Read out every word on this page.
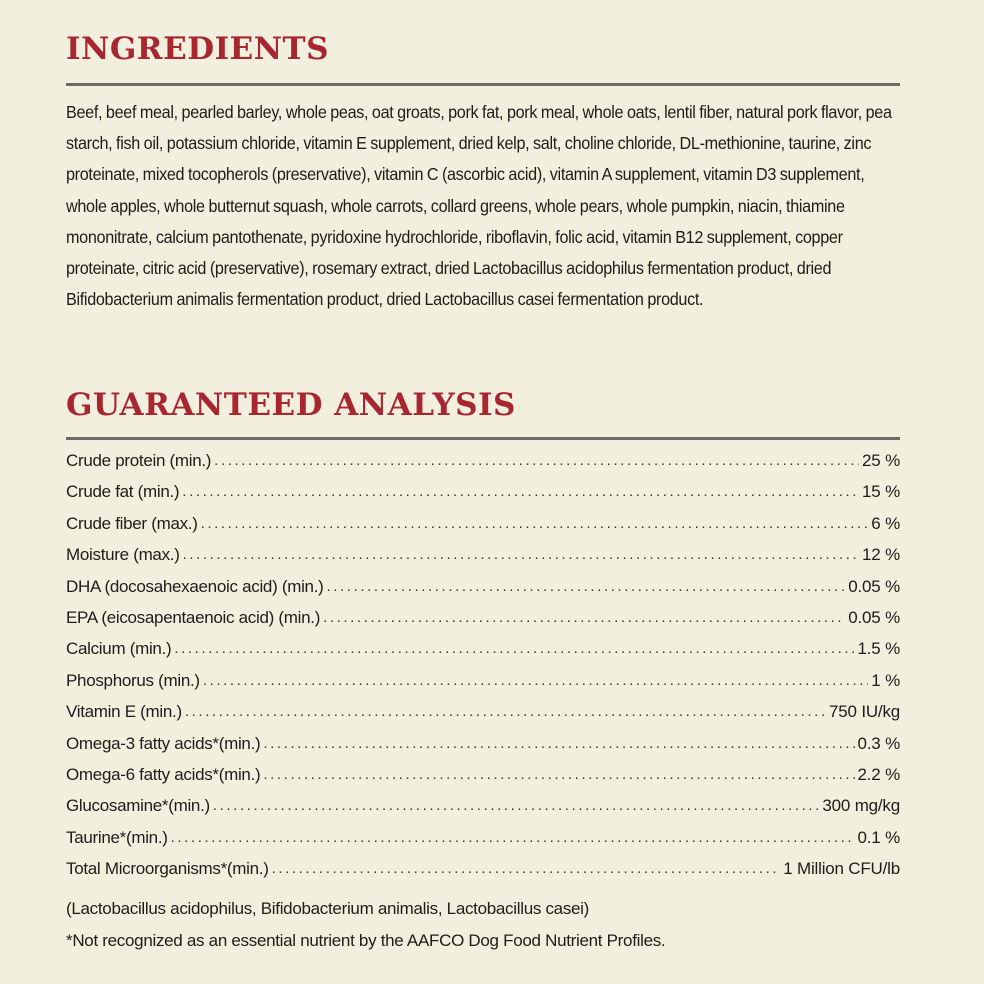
INGREDIENTS
Beef, beef meal, pearled barley, whole peas, oat groats, pork fat, pork meal, whole oats, lentil fiber, natural pork flavor, pea starch, fish oil, potassium chloride, vitamin E supplement, dried kelp, salt, choline chloride, DL-methionine, taurine, zinc proteinate, mixed tocopherols (preservative), vitamin C (ascorbic acid), vitamin A supplement, vitamin D3 supplement, whole apples, whole butternut squash, whole carrots, collard greens, whole pears, whole pumpkin, niacin, thiamine mononitrate, calcium pantothenate, pyridoxine hydrochloride, riboflavin, folic acid, vitamin B12 supplement, copper proteinate, citric acid (preservative), rosemary extract, dried Lactobacillus acidophilus fermentation product, dried Bifidobacterium animalis fermentation product, dried Lactobacillus casei fermentation product.
GUARANTEED ANALYSIS
Crude protein (min.) .....	25 %
Crude fat (min.) .....	15 %
Crude fiber (max.) .....	6 %
Moisture (max.) .....	12 %
DHA (docosahexaenoic acid) (min.) .....	0.05 %
EPA (eicosapentaenoic acid) (min.) .....	0.05 %
Calcium (min.) .....	1.5 %
Phosphorus (min.) .....	1 %
Vitamin E (min.) .....	750 IU/kg
Omega-3 fatty acids*(min.) .....	0.3 %
Omega-6 fatty acids*(min.) .....	2.2 %
Glucosamine*(min.) .....	300 mg/kg
Taurine*(min.) .....	0.1 %
Total Microorganisms*(min.) .....	1 Million CFU/lb
(Lactobacillus acidophilus, Bifidobacterium animalis, Lactobacillus casei)
*Not recognized as an essential nutrient by the AAFCO Dog Food Nutrient Profiles.
